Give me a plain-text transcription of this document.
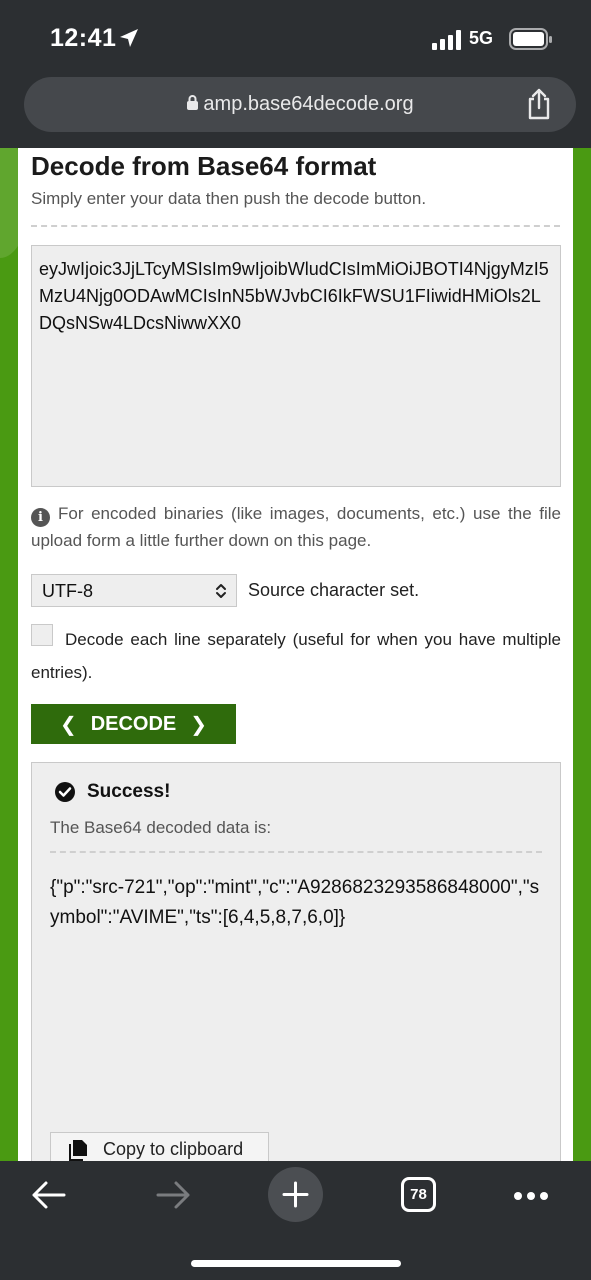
12:41	5G
amp.base64decode.org
Decode from Base64 format
Simply enter your data then push the decode button.
eyJwIjoic3JjLTcyMSIsIm9wIjoibWludCIsImMiOiJBOTI4NjgyMzI5MzU4Njg0ODAwMCIsInN5bWJvbCI6IkFWSU1FIiwidHMiOls2LDQsNSw4LDcsNiwwXX0
i For encoded binaries (like images, documents, etc.) use the file upload form a little further down on this page.
UTF-8	Source character set.
Decode each line separately (useful for when you have multiple entries).
❮ DECODE ❯
Success!
The Base64 decoded data is:
{"p":"src-721","op":"mint","c":"A9286823293586848000","symbol":"AVIME","ts":[6,4,5,8,7,6,0]}
Copy to clipboard
78
